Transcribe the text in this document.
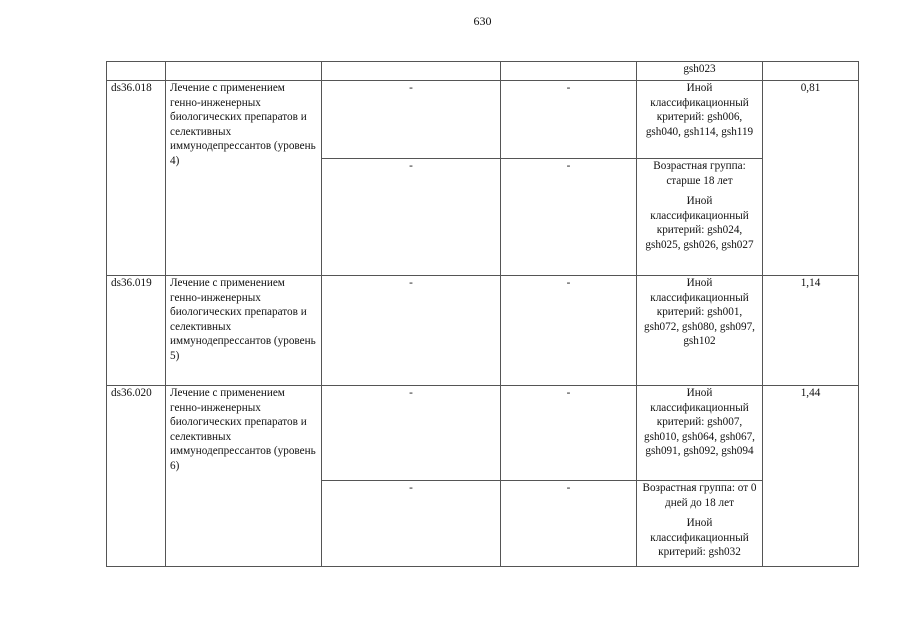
630
				gsh023	
ds36.018	Лечение с применением генно-инженерных биологических препаратов и селективных иммунодепрессантов (уровень 4)	-	-	Иной классификационный критерий: gsh006, gsh040, gsh114, gsh119	0,81
		-	-	Возрастная группа: старше 18 лет

Иной классификационный критерий: gsh024, gsh025, gsh026, gsh027	

ds36.019	Лечение с применением генно-инженерных биологических препаратов и селективных иммунодепрессантов (уровень 5)	-	-	Иной классификационный критерий: gsh001, gsh072, gsh080, gsh097, gsh102	1,14
ds36.020	Лечение с применением генно-инженерных биологических препаратов и селективных иммунодепрессантов (уровень 6)	-	-	Иной классификационный критерий: gsh007, gsh010, gsh064, gsh067, gsh091, gsh092, gsh094	1,44
		-	-	Возрастная группа: от 0 дней до 18 лет

Иной классификационный критерий: gsh032	
